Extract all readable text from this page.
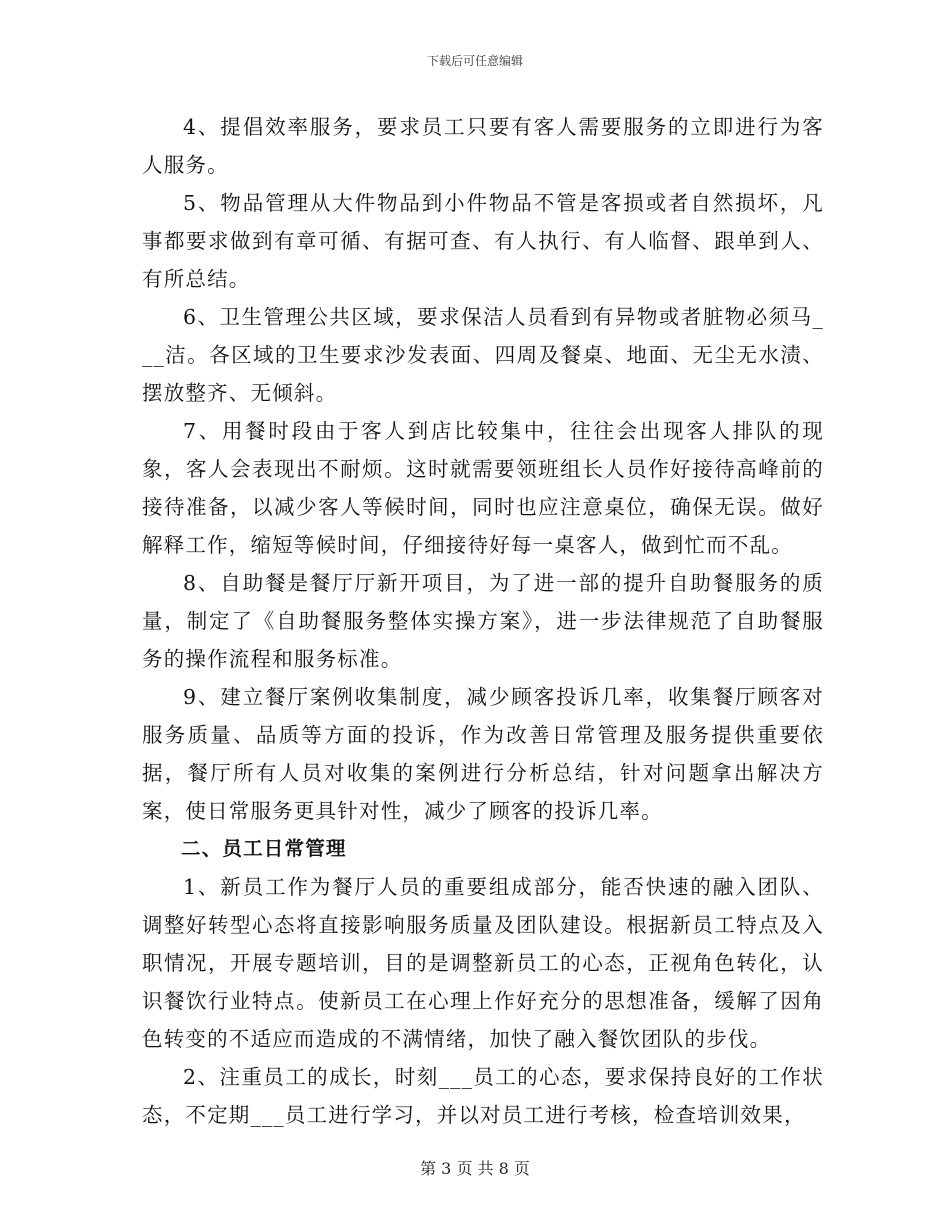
下载后可任意编辑

4、提倡效率服务，要求员工只要有客人需要服务的立即进行为客人服务。

5、物品管理从大件物品到小件物品不管是客损或者自然损坏，凡事都要求做到有章可循、有据可查、有人执行、有人临督、跟单到人、有所总结。

6、卫生管理公共区域，要求保洁人员看到有异物或者脏物必须马___洁。各区域的卫生要求沙发表面、四周及餐桌、地面、无尘无水渍、摆放整齐、无倾斜。

7、用餐时段由于客人到店比较集中，往往会出现客人排队的现象，客人会表现出不耐烦。这时就需要领班组长人员作好接待高峰前的接待准备，以减少客人等候时间，同时也应注意桌位，确保无误。做好解释工作，缩短等候时间，仔细接待好每一桌客人，做到忙而不乱。

8、自助餐是餐厅厅新开项目，为了进一部的提升自助餐服务的质量，制定了《自助餐服务整体实操方案》，进一步法律规范了自助餐服务的操作流程和服务标准。

9、建立餐厅案例收集制度，减少顾客投诉几率，收集餐厅顾客对服务质量、品质等方面的投诉，作为改善日常管理及服务提供重要依据，餐厅所有人员对收集的案例进行分析总结，针对问题拿出解决方案，使日常服务更具针对性，减少了顾客的投诉几率。

二、员工日常管理

1、新员工作为餐厅人员的重要组成部分，能否快速的融入团队、调整好转型心态将直接影响服务质量及团队建设。根据新员工特点及入职情况，开展专题培训，目的是调整新员工的心态，正视角色转化，认识餐饮行业特点。使新员工在心理上作好充分的思想准备，缓解了因角色转变的不适应而造成的不满情绪，加快了融入餐饮团队的步伐。

2、注重员工的成长，时刻___员工的心态，要求保持良好的工作状态，不定期___员工进行学习，并以对员工进行考核，检查培训效果，

第 3 页 共 8 页
